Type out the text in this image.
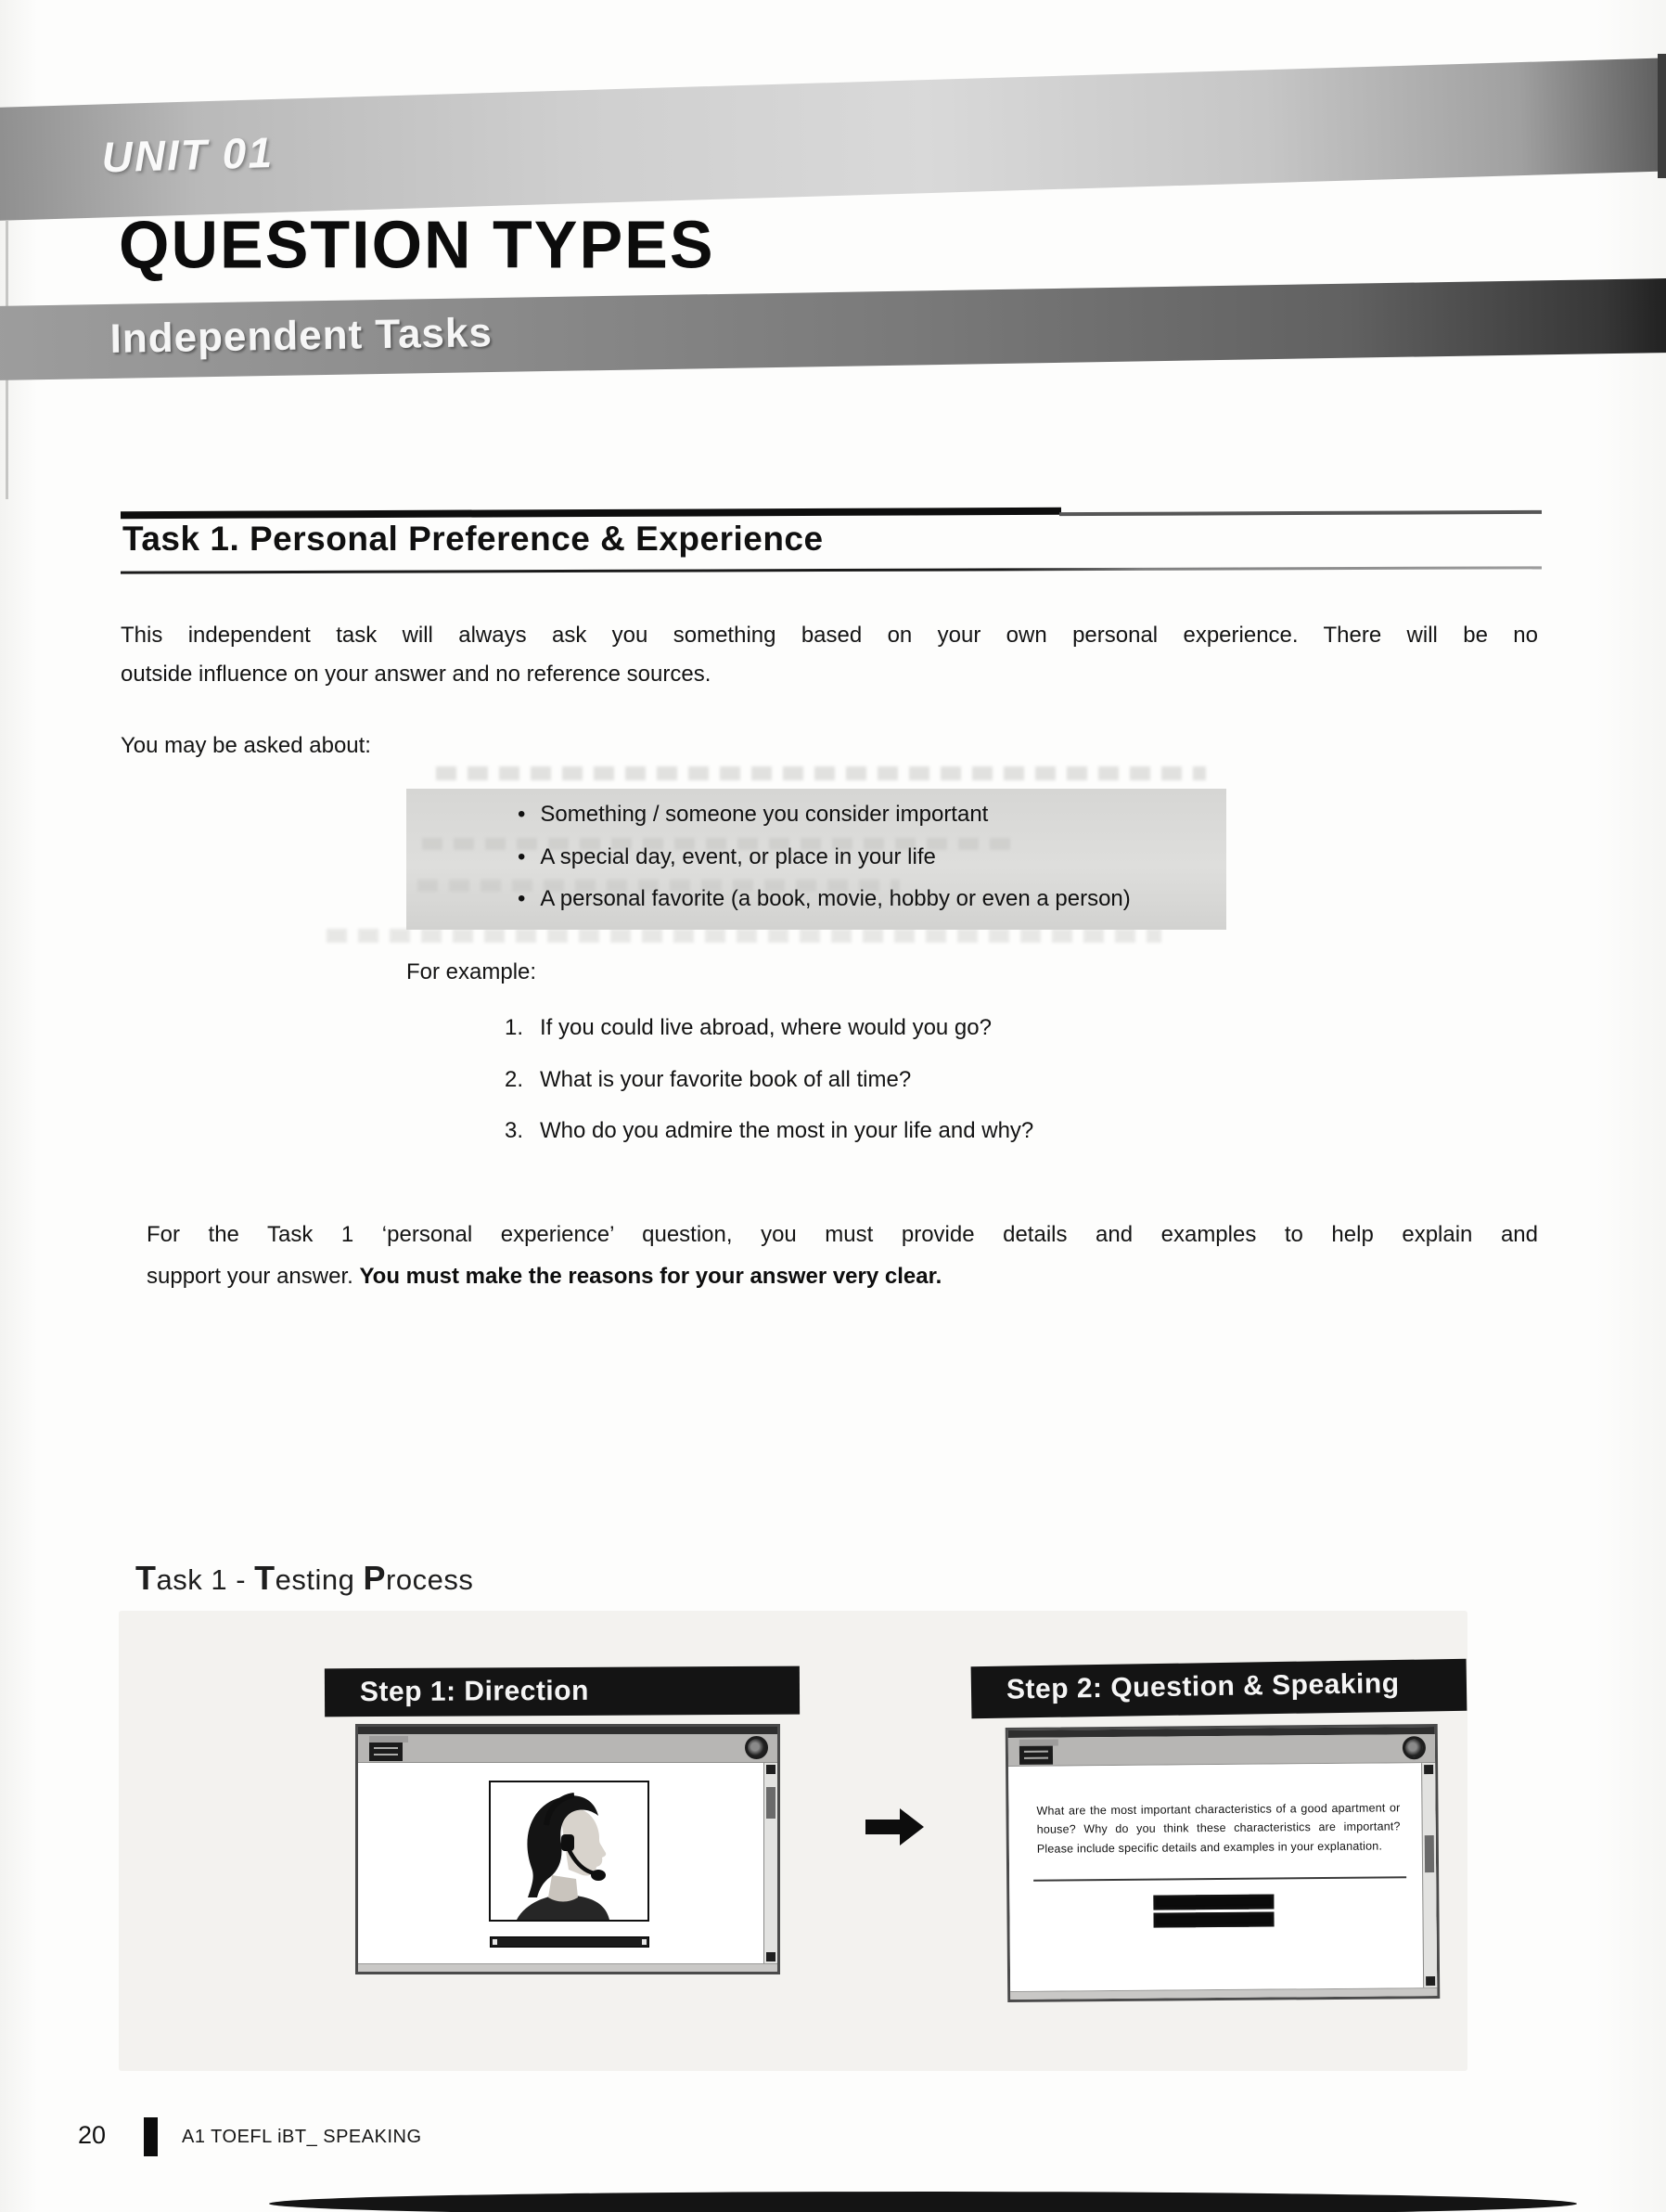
UNIT 01
QUESTION TYPES
Independent Tasks
Task 1. Personal Preference & Experience
This independent task will always ask you something based on your own personal experience. There will be no
outside influence on your answer and no reference sources.
You may be asked about:
• Something / someone you consider important
• A special day, event, or place in your life
• A personal favorite (a book, movie, hobby or even a person)
For example:
1. If you could live abroad, where would you go?
2. What is your favorite book of all time?
3. Who do you admire the most in your life and why?
For the Task 1 ‘personal experience’ question, you must provide details and examples to help explain and
support your answer. You must make the reasons for your answer very clear.
Task 1 - Testing Process
Step 1: Direction	Step 2: Question & Speaking
What are the most important characteristics of a good apartment or house? Why do you think these characteristics are important? Please include specific details and examples in your explanation.
20	A1 TOEFL iBT_ SPEAKING
